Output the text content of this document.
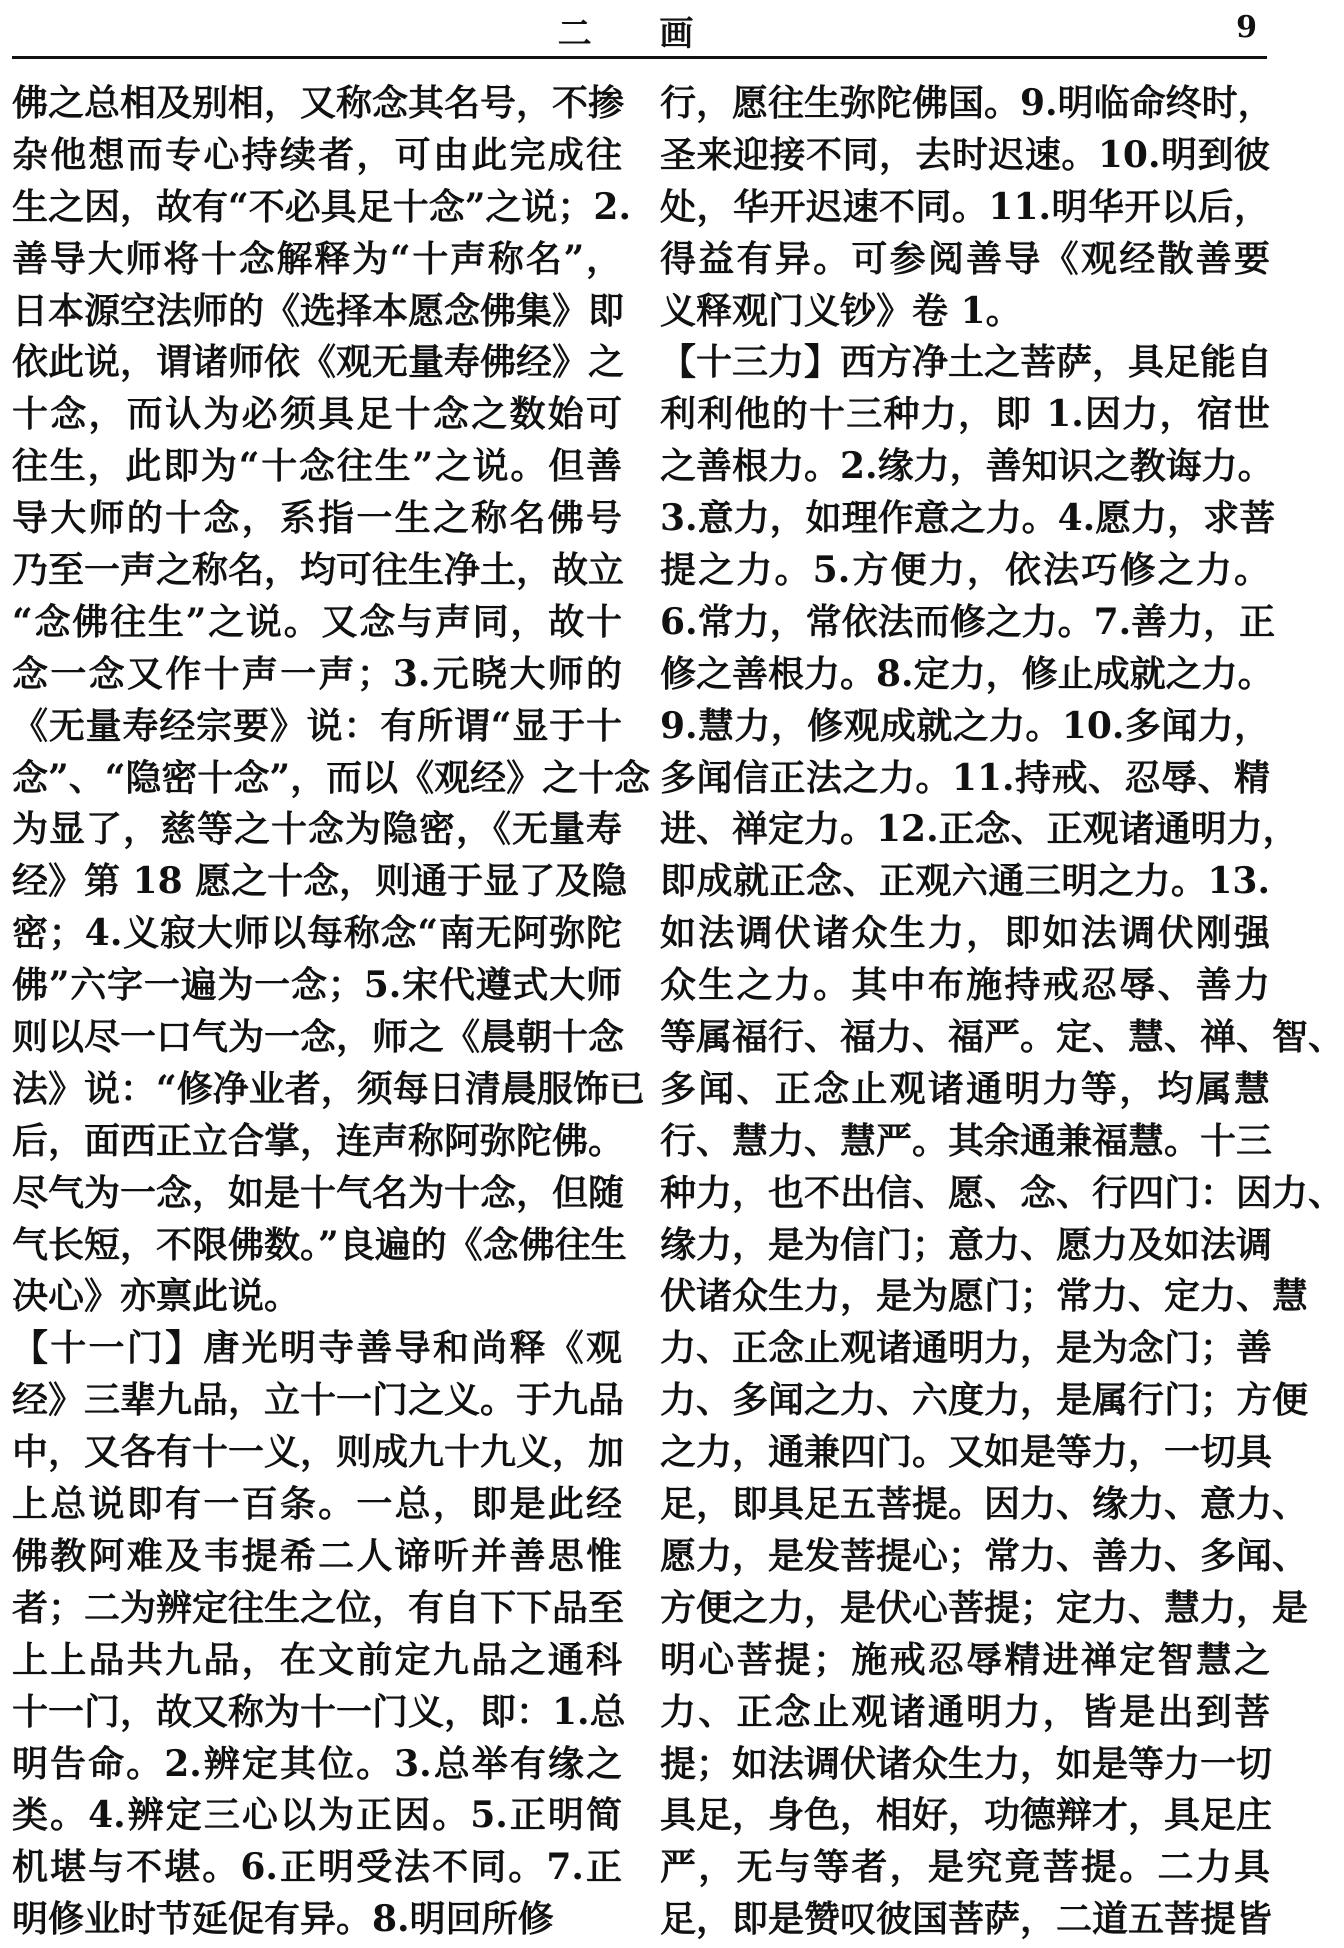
二 画	9
佛之总相及别相，又称念其名号，不掺
杂他想而专心持续者，可由此完成往
生之因，故有“不必具足十念”之说；2.
善导大师将十念解释为“十声称名”，
日本源空法师的《选择本愿念佛集》即
依此说，谓诸师依《观无量寿佛经》之
十念，而认为必须具足十念之数始可
往生，此即为“十念往生”之说。但善
导大师的十念，系指一生之称名佛号
乃至一声之称名，均可往生净土，故立
“念佛往生”之说。又念与声同，故十
念一念又作十声一声；3.元晓大师的
《无量寿经宗要》说：有所谓“显于十
念”、“隐密十念”，而以《观经》之十念
为显了，慈等之十念为隐密，《无量寿
经》第 18 愿之十念，则通于显了及隐
密；4.义寂大师以每称念“南无阿弥陀
佛”六字一遍为一念；5.宋代遵式大师
则以尽一口气为一念，师之《晨朝十念
法》说：“修净业者，须每日清晨服饰已
后，面西正立合掌，连声称阿弥陀佛。
尽气为一念，如是十气名为十念，但随
气长短，不限佛数。”良遍的《念佛往生
决心》亦禀此说。
【十一门】唐光明寺善导和尚释《观
经》三辈九品，立十一门之义。于九品
中，又各有十一义，则成九十九义，加
上总说即有一百条。一总，即是此经
佛教阿难及韦提希二人谛听并善思惟
者；二为辨定往生之位，有自下下品至
上上品共九品，在文前定九品之通科
十一门，故又称为十一门义，即：1.总
明告命。2.辨定其位。3.总举有缘之
类。4.辨定三心以为正因。5.正明简
机堪与不堪。6.正明受法不同。7.正
明修业时节延促有异。8.明回所修
行，愿往生弥陀佛国。9.明临命终时，
圣来迎接不同，去时迟速。10.明到彼
处，华开迟速不同。11.明华开以后，
得益有异。可参阅善导《观经散善要
义释观门义钞》卷 1。
【十三力】西方净土之菩萨，具足能自
利利他的十三种力，即 1.因力，宿世
之善根力。2.缘力，善知识之教诲力。
3.意力，如理作意之力。4.愿力，求菩
提之力。5.方便力，依法巧修之力。
6.常力，常依法而修之力。7.善力，正
修之善根力。8.定力，修止成就之力。
9.慧力，修观成就之力。10.多闻力，
多闻信正法之力。11.持戒、忍辱、精
进、禅定力。12.正念、正观诸通明力，
即成就正念、正观六通三明之力。13.
如法调伏诸众生力，即如法调伏刚强
众生之力。其中布施持戒忍辱、善力
等属福行、福力、福严。定、慧、禅、智、
多闻、正念止观诸通明力等，均属慧
行、慧力、慧严。其余通兼福慧。十三
种力，也不出信、愿、念、行四门：因力、
缘力，是为信门；意力、愿力及如法调
伏诸众生力，是为愿门；常力、定力、慧
力、正念止观诸通明力，是为念门；善
力、多闻之力、六度力，是属行门；方便
之力，通兼四门。又如是等力，一切具
足，即具足五菩提。因力、缘力、意力、
愿力，是发菩提心；常力、善力、多闻、
方便之力，是伏心菩提；定力、慧力，是
明心菩提；施戒忍辱精进禅定智慧之
力、正念止观诸通明力，皆是出到菩
提；如法调伏诸众生力，如是等力一切
具足，身色，相好，功德辩才，具足庄
严，无与等者，是究竟菩提。二力具
足，即是赞叹彼国菩萨，二道五菩提皆
